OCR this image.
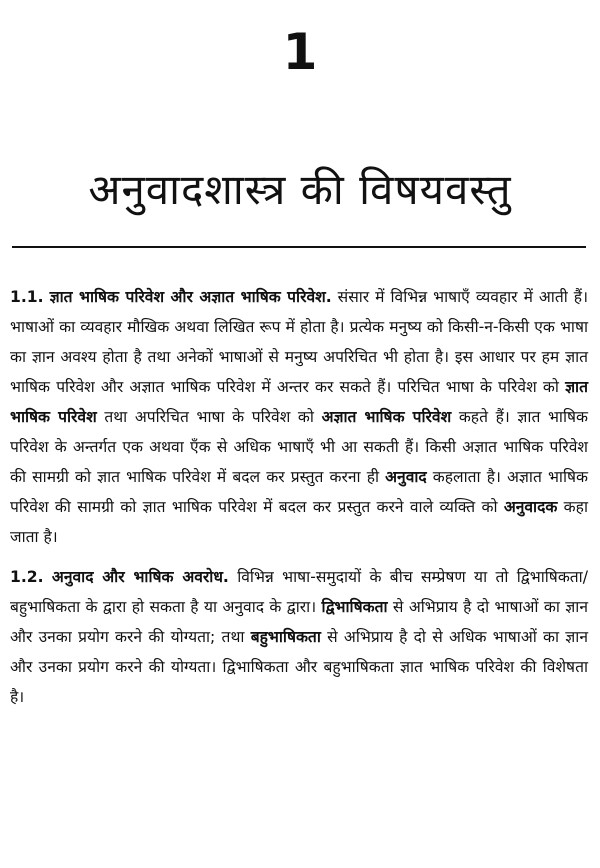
1
अनुवादशास्त्र की विषयवस्तु

1.1. ज्ञात भाषिक परिवेश और अज्ञात भाषिक परिवेश. संसार में विभिन्न भाषाएँ व्यवहार में आती हैं। भाषाओं का व्यवहार मौखिक अथवा लिखित रूप में होता है। प्रत्येक मनुष्य को किसी-न-किसी एक भाषा का ज्ञान अवश्य होता है तथा अनेकों भाषाओं से मनुष्य अपरिचित भी होता है। इस आधार पर हम ज्ञात भाषिक परिवेश और अज्ञात भाषिक परिवेश में अन्तर कर सकते हैं। परिचित भाषा के परिवेश को ज्ञात भाषिक परिवेश तथा अपरिचित भाषा के परिवेश को अज्ञात भाषिक परिवेश कहते हैं। ज्ञात भाषिक परिवेश के अन्तर्गत एक अथवा एँक से अधिक भाषाएँ भी आ सकती हैं। किसी अज्ञात भाषिक परिवेश की सामग्री को ज्ञात भाषिक परिवेश में बदल कर प्रस्तुत करना ही अनुवाद कहलाता है। अज्ञात भाषिक परिवेश की सामग्री को ज्ञात भाषिक परिवेश में बदल कर प्रस्तुत करने वाले व्यक्ति को अनुवादक कहा जाता है।

1.2. अनुवाद और भाषिक अवरोध. विभिन्न भाषा-समुदायों के बीच सम्प्रेषण या तो द्विभाषिकता/बहुभाषिकता के द्वारा हो सकता है या अनुवाद के द्वारा। द्विभाषिकता से अभिप्राय है दो भाषाओं का ज्ञान और उनका प्रयोग करने की योग्यता; तथा बहुभाषिकता से अभिप्राय है दो से अधिक भाषाओं का ज्ञान और उनका प्रयोग करने की योग्यता। द्विभाषिकता और बहुभाषिकता ज्ञात भाषिक परिवेश की विशेषता है।
